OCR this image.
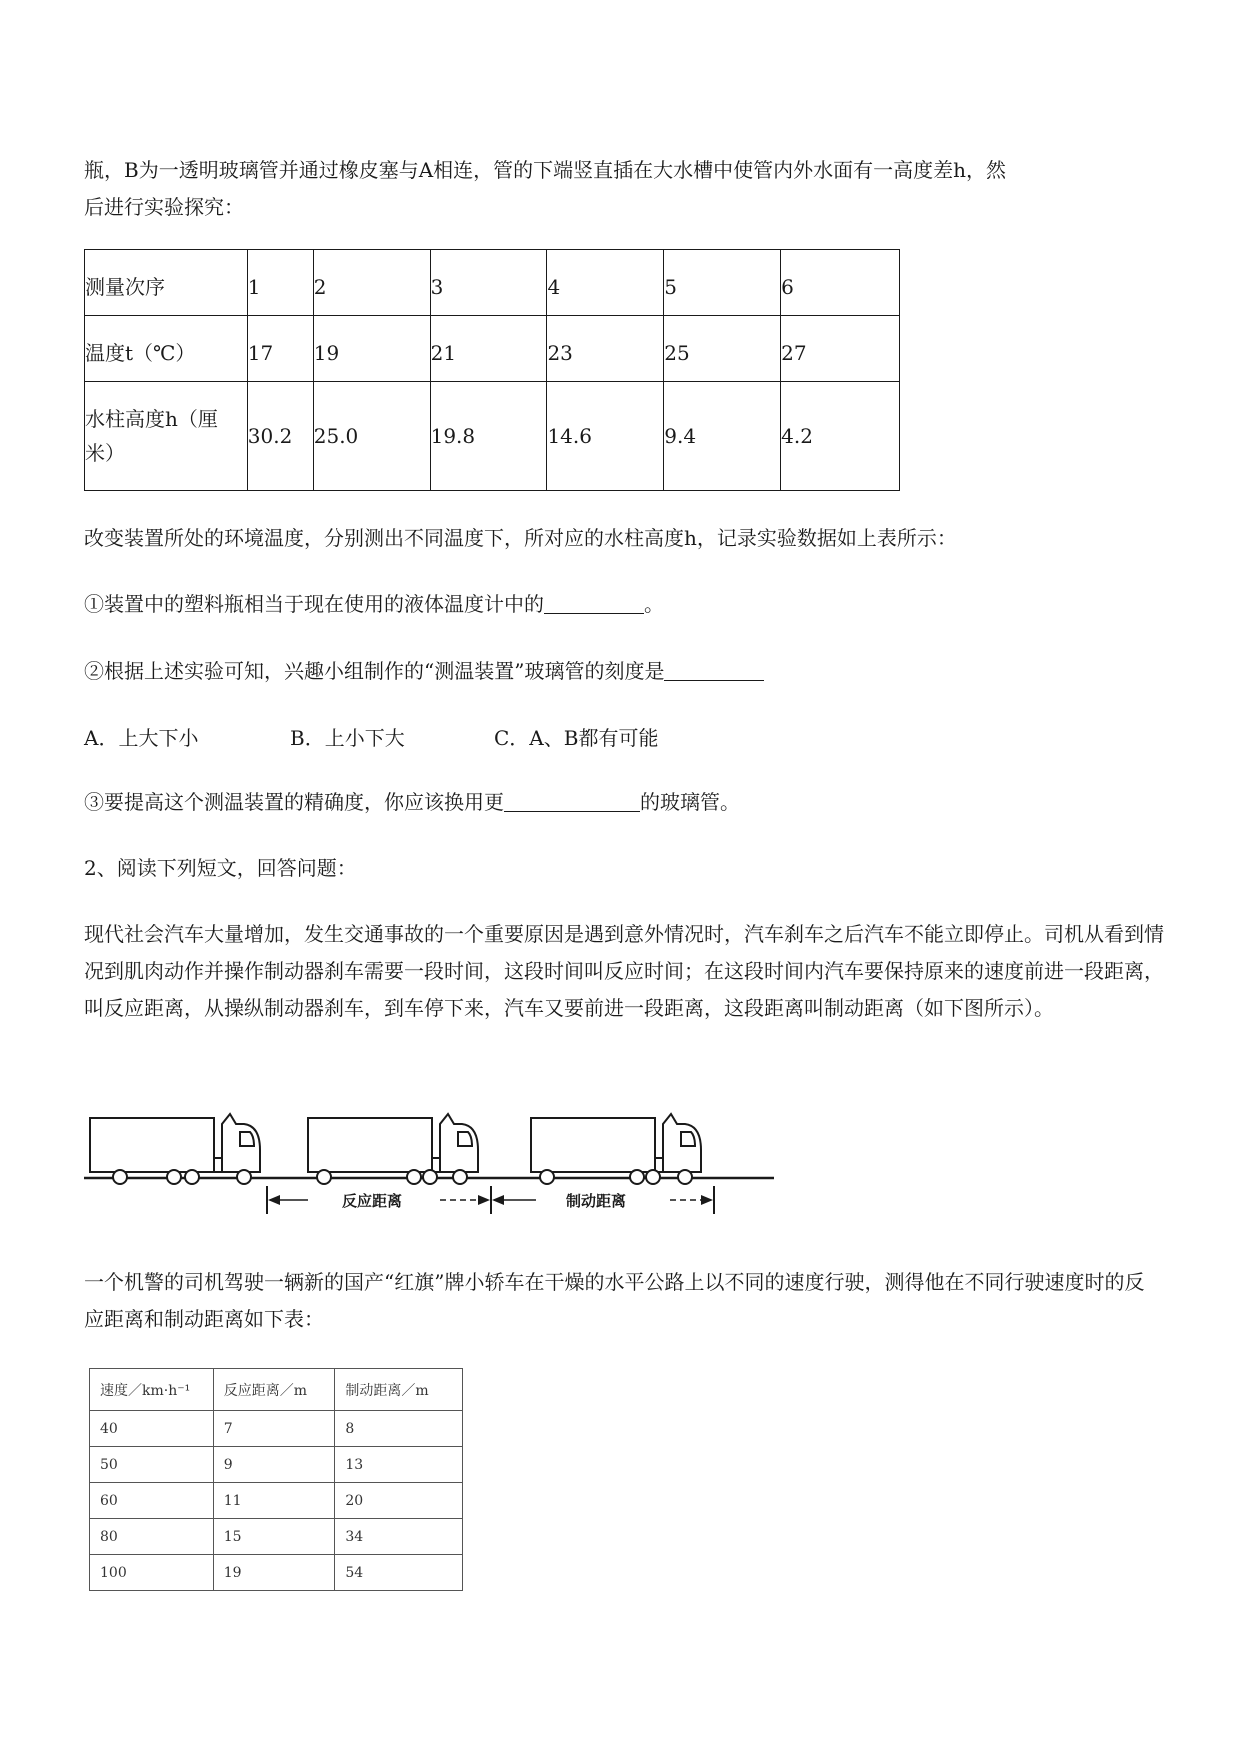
瓶，B为一透明玻璃管并通过橡皮塞与A相连，管的下端竖直插在大水槽中使管内外水面有一高度差h，然
后进行实验探究：

测量次序	1	2	3	4	5	6
温度t（℃）	17	19	21	23	25	27
水柱高度h（厘米）	30.2	25.0	19.8	14.6	9.4	4.2

改变装置所处的环境温度，分别测出不同温度下，所对应的水柱高度h，记录实验数据如上表所示：

①装置中的塑料瓶相当于现在使用的液体温度计中的	。

②根据上述实验可知，兴趣小组制作的“测温装置”玻璃管的刻度是

A．上大下小	B．上小下大	C．A、B都有可能

③要提高这个测温装置的精确度，你应该换用更	的玻璃管。

2、阅读下列短文，回答问题：

现代社会汽车大量增加，发生交通事故的一个重要原因是遇到意外情况时，汽车刹车之后汽车不能立即停止。司机从看到情况到肌肉动作并操作制动器刹车需要一段时间，这段时间叫反应时间；在这段时间内汽车要保持原来的速度前进一段距离，叫反应距离，从操纵制动器刹车，到车停下来，汽车又要前进一段距离，这段距离叫制动距离（如下图所示）。

反应距离	制动距离

一个机警的司机驾驶一辆新的国产“红旗”牌小轿车在干燥的水平公路上以不同的速度行驶，测得他在不同行驶速度时的反应距离和制动距离如下表：

速度／km·h⁻¹	反应距离／m	制动距离／m
40	7	8
50	9	13
60	11	20
80	15	34
100	19	54
